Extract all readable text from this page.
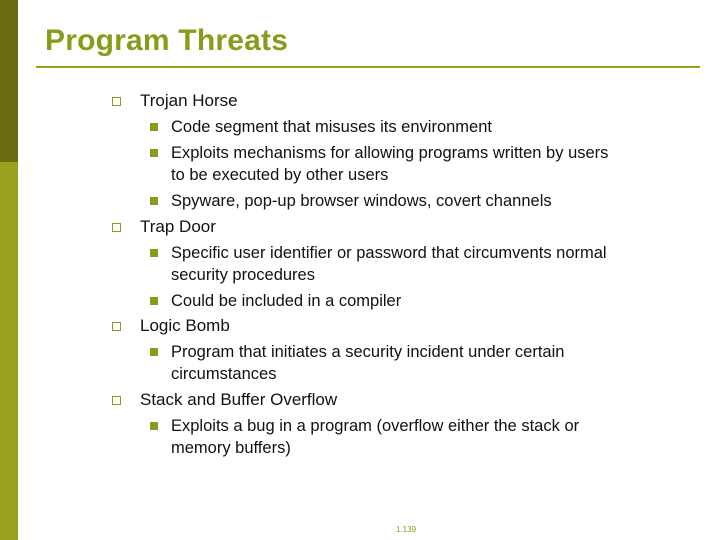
Program Threats
Trojan Horse
Code segment that misuses its environment
Exploits mechanisms for allowing programs written by users
to be executed by other users
Spyware, pop-up browser windows, covert channels
Trap Door
Specific user identifier or password that circumvents normal
security procedures
Could be included in a compiler
Logic Bomb
Program that initiates a security incident under certain
circumstances
Stack and Buffer Overflow
Exploits a bug in a program (overflow either the stack or
memory buffers)
1.139
